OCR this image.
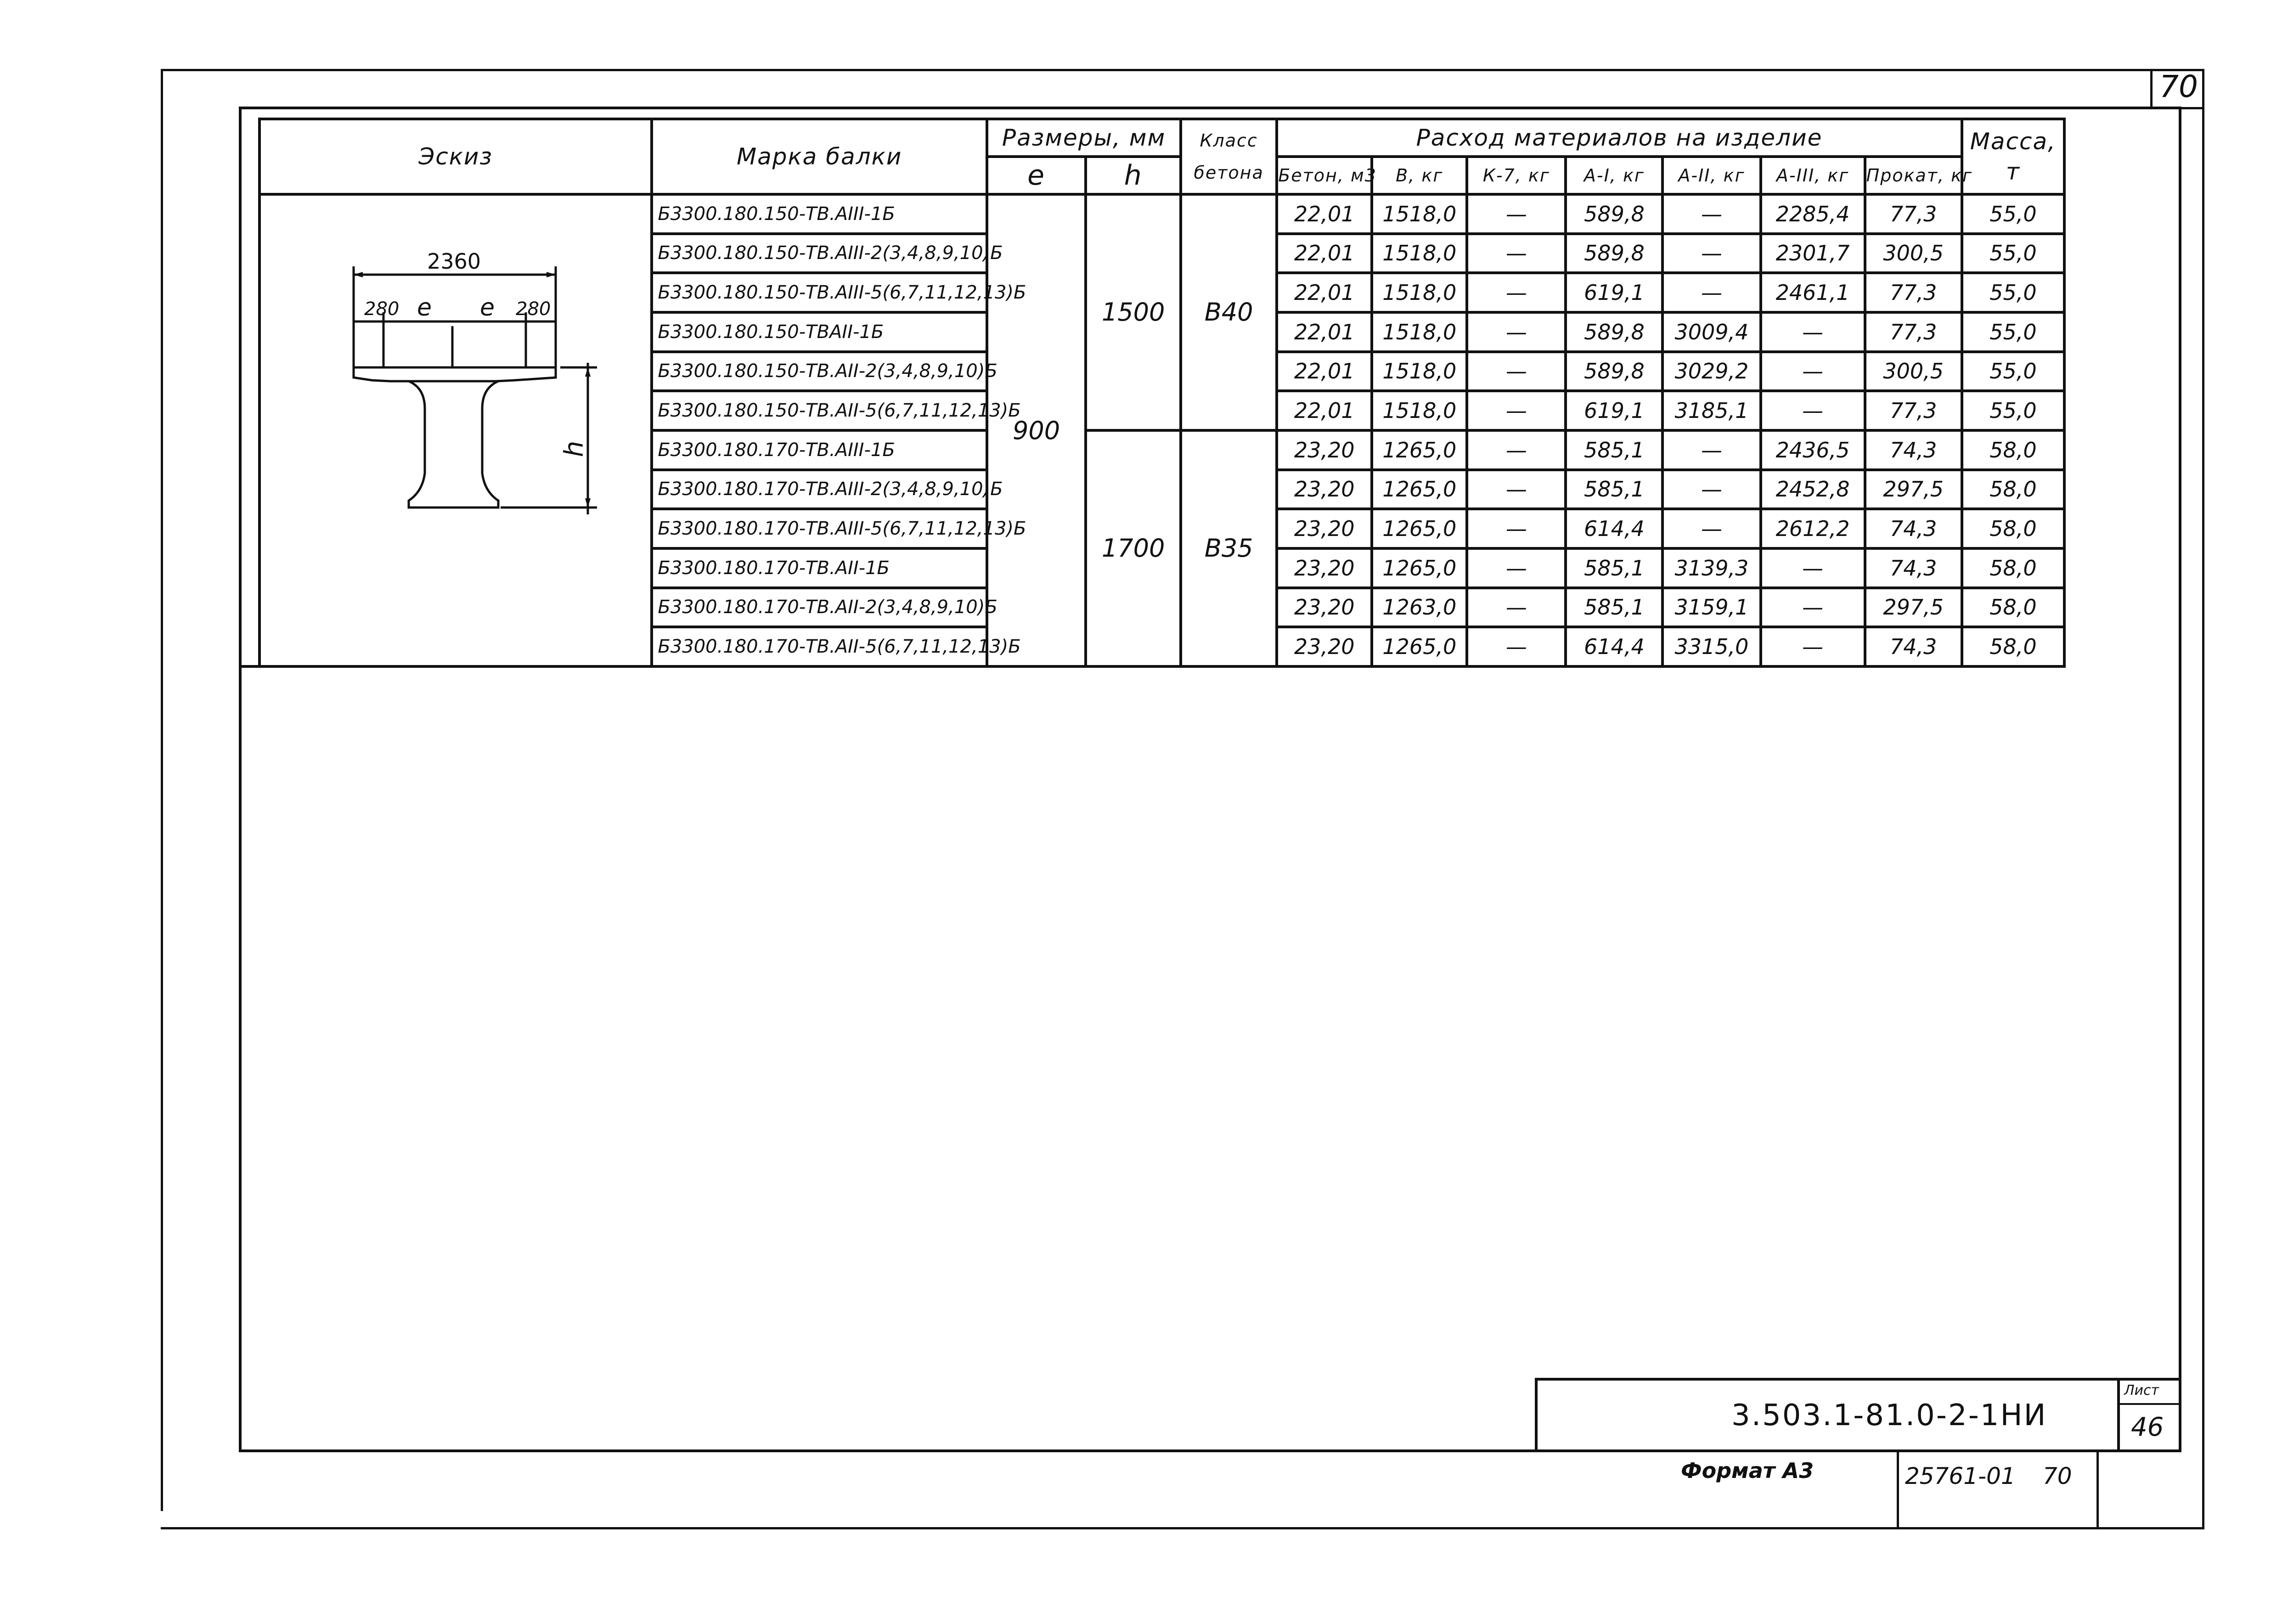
70
Эскиз	Марка балки	Размеры, мм		Класс бетона	Расход материалов на изделие							Масса, т
		e	h		Бетон, м3	В, кг	К-7, кг	А-I, кг	А-II, кг	А-III, кг	Прокат, кг	
	Б3300.180.150-ТВ.АIII-1Б	900	1500	В40	22,01	1518,0	—	589,8	—	2285,4	77,3	55,0
	Б3300.180.150-ТВ.АIII-2(3,4,8,9,10)Б				22,01	1518,0	—	589,8	—	2301,7	300,5	55,0
	Б3300.180.150-ТВ.АIII-5(6,7,11,12,13)Б				22,01	1518,0	—	619,1	—	2461,1	77,3	55,0
	Б3300.180.150-ТВАII-1Б				22,01	1518,0	—	589,8	3009,4	—	77,3	55,0
	Б3300.180.150-ТВ.АII-2(3,4,8,9,10)Б				22,01	1518,0	—	589,8	3029,2	—	300,5	55,0
	Б3300.180.150-ТВ.АII-5(6,7,11,12,13)Б				22,01	1518,0	—	619,1	3185,1	—	77,3	55,0
	Б3300.180.170-ТВ.АIII-1Б		1700	В35	23,20	1265,0	—	585,1	—	2436,5	74,3	58,0
	Б3300.180.170-ТВ.АIII-2(3,4,8,9,10)Б				23,20	1265,0	—	585,1	—	2452,8	297,5	58,0
	Б3300.180.170-ТВ.АIII-5(6,7,11,12,13)Б				23,20	1265,0	—	614,4	—	2612,2	74,3	58,0
	Б3300.180.170-ТВ.АII-1Б				23,20	1265,0	—	585,1	3139,3	—	74,3	58,0
	Б3300.180.170-ТВ.АII-2(3,4,8,9,10)Б				23,20	1263,0	—	585,1	3159,1	—	297,5	58,0
	Б3300.180.170-ТВ.АII-5(6,7,11,12,13)Б				23,20	1265,0	—	614,4	3315,0	—	74,3	58,0
2360
280 e e 280
h
3.503.1-81.0-2-1НИ
Лист
46
Формат А3	25761-01 70
